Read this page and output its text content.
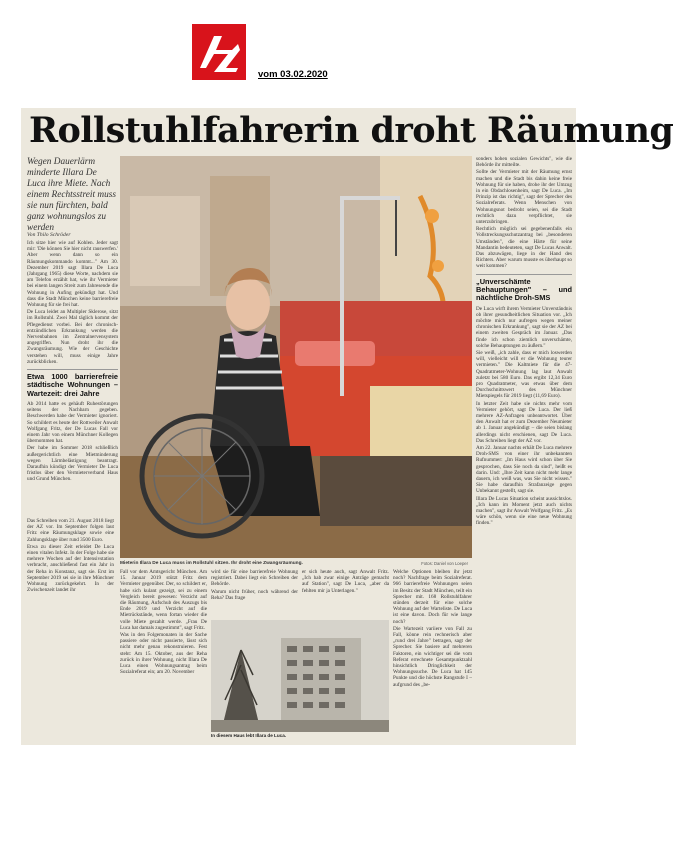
vom 03.02.2020
Rollstuhlfahrerin droht Räumung
Wegen Dauerlärm minderte Illara De Luca ihre Miete. Nach einem Rechtsstreit muss sie nun fürchten, bald ganz wohnungslos zu werden
Von Thilo Schröder

Ich sitze hier wie auf Kohlen. Jeder sagt mir: 'Die können Sie hier nicht rauswerfen.' Aber wenn dann so ein Räumungskommando kommt..." Am 30. Dezember 2019 sagt Illara De Luca (Jahrgang 1965) diese Worte, nachdem sie am Telefon erzählt hat, wie ihr Vermieter bei einem langen Streit zum Jahresende die Wohnung in Aufing gekündigt hat. Und dass die Stadt München keine barrierefreie Wohnung für sie frei hat.

De Luca leidet an Multipler Sklerose, sitzt im Rollstuhl. Zwei Mal täglich kommt der Pflegedienst vorbei. Bei der chronisch-entzündlichen Erkrankung werden die Nervenbahnen im Zentralnervensystem angegriffen. Nun droht ihr die Zwangsräumung. Wie der Geschichte verstehen will, muss einige Jahre zurückblicken.

Etwa 1000 barrierefreie städtische Wohnungen – Wartezeit: drei Jahre

Ab 2014 hatte es gehäuft Ruhestörungen seitens der Nachbarn gegeben. Beschwerden habe der Vermieter ignoriert. So schildert es heute der Rottweiler Anwalt Wolfgang Fritz, der De Lucas Fall vor einem Jahr von einem Münchner Kollegen übernommen hat.

Der habe im Sommer 2018 schließlich außergerichtlich eine Mietminderung wegen Lärmbelästigung beantragt. Daraufhin kündigt der Vermieter De Luca fristlos über den Vermieterverband Haus und Grund München.

Das Schreiben vom 21. August 2018 liegt der AZ vor. Im September folgen laut Fritz eine Räumungsklage sowie eine Zahlungsklage über rund 3500 Euro.

Etwa zu dieser Zeit erleidet De Luca einen vitalen Infekt. In der Folge habe sie mehrere Wochen auf der Intensivstation verbracht, anschließend fast ein Jahr in der Reha in Konstanz, sagt sie. Erst im September 2019 sei sie in ihre Münchner Wohnung zurückgekehrt. In der Zwischenzeit landet ihr

Mieterin Illara De Luca muss im Rollstuhl sitzen. Ihr droht eine Zwangsräumung.	Fotos: Daniel von Loeper

Fall vor dem Amtsgericht München. Am 15. Januar 2019 stützt Fritz dem Vermieter gegenüber. Der, so schildert er, habe sich kulant gezeigt, sei zu einem Vergleich bereit gewesen: Verzicht auf die Räumung, Aufschub des Auszugs bis Ende 2019 und Verzicht auf die Mietrückstände, wenn fortan wieder die volle Miete gezahlt werde. „Frau De Luca hat damals zugestimmt", sagt Fritz.

Was in den Folgemonaten in der Sache passiere oder nicht passierte, lässt sich nicht mehr genau rekonstruieren. Fest steht: Am 15. Oktober, aus der Reha zurück in ihrer Wohnung, nicht Illara De Luca einen Wohnungsantrag beim Sozialreferat ein; am 20. November

wird sie für eine barrierefreie Wohnung registriert. Dabei liegt ein Schreiben der Behörde.

Warum nicht früher, noch während der Reha? Das frage

er sich heute auch, sagt Anwalt Fritz. „Ich hab zwar einige Anträge gemacht auf Station", sagt De Luca, „aber da fehlten mir ja Unterlagen."

Welche Optionen bleiben ihr jetzt noch? Nachfrage beim Sozialreferat. 966 barrierefreie Wohnungen seien im Besitz der Stadt München, teilt ein Sprecher mit. 168 Rollstuhlfahrer stünden derzeit für eine solche Wohnung auf der Warteliste. De Luca ist eine davon. Doch für wie lange noch?

Die Wartezeit variiere von Fall zu Fall, könne rein rechnerisch aber „rund drei Jahre" betragen, sagt der Sprecher. Sie basiere auf mehreren Faktoren, ein wichtiger sei die vom Referat errechnete Gesamtpunktzahl hinsichtlich Dringlichkeit der Wohnungssuche. De Luca hat 145 Punkte und die höchste Rangstufe I – aufgrund des „be-

In diesem Haus lebt Illara de Luca.

sonders hohen sozialen Gewichts", wie die Behörde ihr mitteilte.

Sollte der Vermieter mit der Räumung ernst machen und die Stadt bis dahin keine freie Wohnung für sie haben, drohe ihr der Umzug in ein Obdachlosenheim, sagt De Luca. „Im Prinzip ist das richtig", sagt der Sprecher des Sozialreferats. Wenn Menschen von Wohnungsnot bedroht seien, sei die Stadt rechtlich dazu verpflichtet, sie unterzubringen.

Rechtlich möglich sei gegebenenfalls ein Vollstreckungsschutzantrag bei „besonderen Umständen", die eine Härte für seine Mandantin bedeuteten, sagt De Lucas Anwalt. Das abzuwägen, liege in der Hand des Richters. Aber warum musste es überhaupt so weit kommen?

„Unverschämte Behauptungen" – und nächtliche Droh-SMS

De Luca wirft ihrem Vermieter Unverständnis ob ihrer gesundheitlichen Situation vor. „Ich möchte mich nur aufregen wegen meiner chronischen Erkrankung", sagt sie der AZ bei einem zweiten Gespräch im Januar. „Das finde ich schon ziemlich unverschämte, solche Behauptungen zu äußern."

Sie weiß, „ich zahle, dass er mich loswerden will, vielleicht will er die Wohnung teurer vermieten." Die Kaltmiete für die 47-Quadratmeter-Wohnung lag laut Anwalt zuletzt bei 580 Euro. Das ergibt 12,34 Euro pro Quadratmeter, was etwas über dem Durchschnittswert des Münchner Mietspiegels für 2019 liegt (11,69 Euro).

In letzter Zeit habe sie nichts mehr vom Vermieter gehört, sagt De Luca. Der ließ mehrere AZ-Anfragen unbeantwortet. Über den Anwalt hat er zum Dezember Neumieter ab 1. Januar angekündigt – die seien bislang allerdings nicht erschienen, sagt De Luca. Das Schreiben liegt der AZ vor.

Am 22. Januar nachts erhält De Luca mehrere Droh-SMS von einer ihr unbekannten Rufnummer: „Im Haus wird schon über Sie gesprochen, dass Sie noch da sind", heißt es darin. Und: „Ihre Zeit kann nicht mehr lange dauern, ich weiß was, was Sie nicht wissen." Sie habe daraufhin Strafanzeige gegen Unbekannt gestellt, sagt sie.

Illara De Lucas Situation scheint aussichtslos. „Ich kann im Moment jetzt auch nichts machen", sagt ihr Anwalt Wolfgang Fritz. „Es wäre schön, wenn sie eine neue Wohnung finden."
